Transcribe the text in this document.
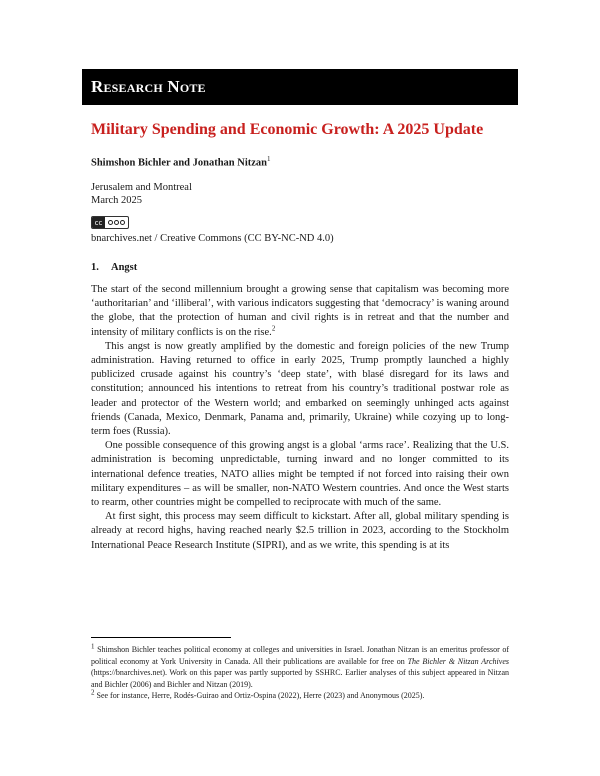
Research Note
Military Spending and Economic Growth: A 2025 Update
Shimshon Bichler and Jonathan Nitzan$^1$
Jerusalem and Montreal
March 2025
cc
bnarchives.net / Creative Commons (CC BY-NC-ND 4.0)
1. Angst

The start of the second millennium brought a growing sense that capitalism was becoming more ‘authoritarian’ and ‘illiberal’, with various indicators suggesting that ‘democracy’ is waning around the globe, that the protection of human and civil rights is in retreat and that the number and intensity of military conflicts is on the rise.$^2$

This angst is now greatly amplified by the domestic and foreign policies of the new Trump administration. Having returned to office in early 2025, Trump promptly launched a highly publicized crusade against his country’s ‘deep state’, with blasé disregard for its laws and constitution; announced his intentions to retreat from his country’s traditional postwar role as leader and protector of the Western world; and embarked on seemingly unhinged acts against friends (Canada, Mexico, Denmark, Panama and, primarily, Ukraine) while cozying up to long-term foes (Russia).

One possible consequence of this growing angst is a global ‘arms race’. Realizing that the U.S. administration is becoming unpredictable, turning inward and no longer committed to its international defence treaties, NATO allies might be tempted if not forced into raising their own military expenditures – as will be smaller, non-NATO Western countries. And once the West starts to rearm, other countries might be compelled to reciprocate with much of the same.

At first sight, this process may seem difficult to kickstart. After all, global military spending is already at record highs, having reached nearly $2.5 trillion in 2023, according to the Stockholm International Peace Research Institute (SIPRI), and as we write, this spending is at its

$^1$ Shimshon Bichler teaches political economy at colleges and universities in Israel. Jonathan Nitzan is an emeritus professor of political economy at York University in Canada. All their publications are available for free on The Bichler & Nitzan Archives (https://bnarchives.net). Work on this paper was partly supported by SSHRC. Earlier analyses of this subject appeared in Nitzan and Bichler (2006) and Bichler and Nitzan (2019).

$^2$ See for instance, Herre, Rodés-Guirao and Ortiz-Ospina (2022), Herre (2023) and Anonymous (2025).
